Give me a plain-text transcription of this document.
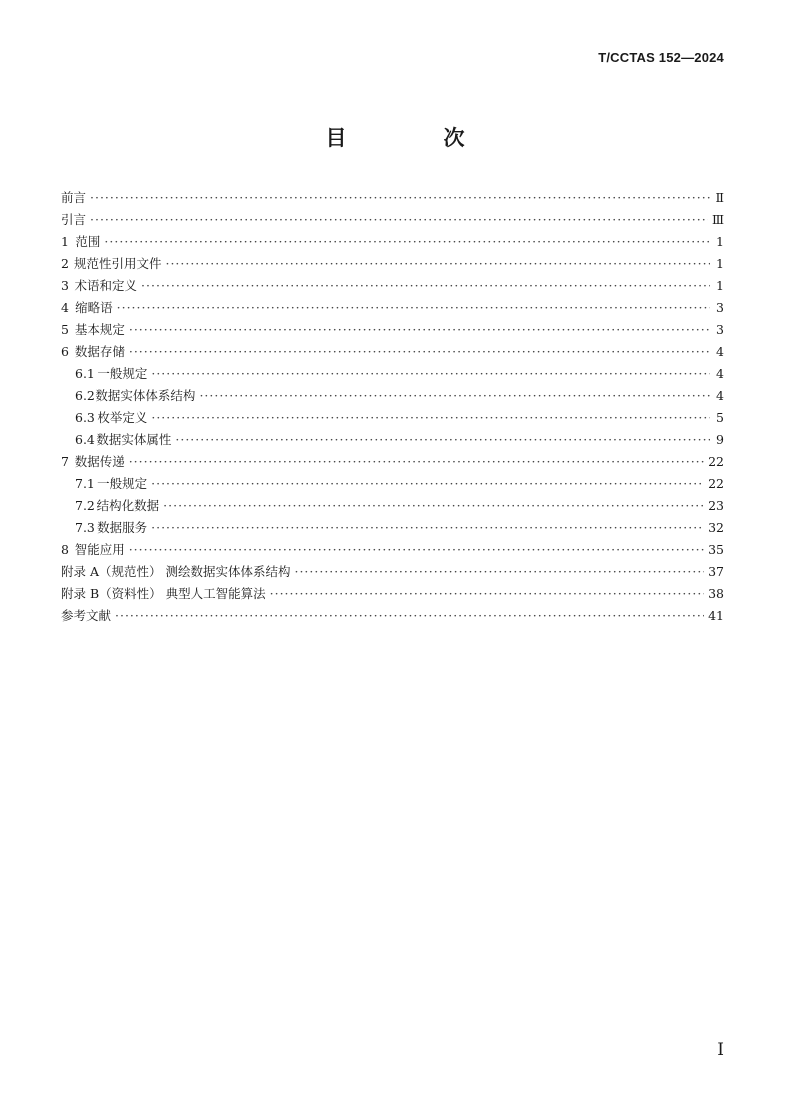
T/CCTAS 152—2024
目　次
前言 ·····	Ⅱ
引言 ·····	Ⅲ
1 范围 ·····	1
2 规范性引用文件 ·····	1
3 术语和定义 ·····	1
4 缩略语 ·····	3
5 基本规定 ·····	3
6 数据存储 ·····	4
6.1 一般规定 ·····	4
6.2 数据实体体系结构 ·····	4
6.3 枚举定义 ·····	5
6.4 数据实体属性 ·····	9
7 数据传递 ·····	22
7.1 一般规定 ·····	22
7.2 结构化数据 ·····	23
7.3 数据服务 ·····	32
8 智能应用 ·····	35
附录 A（规范性） 测绘数据实体体系结构 ·····	37
附录 B（资料性） 典型人工智能算法 ·····	38
参考文献 ·····	41
I
